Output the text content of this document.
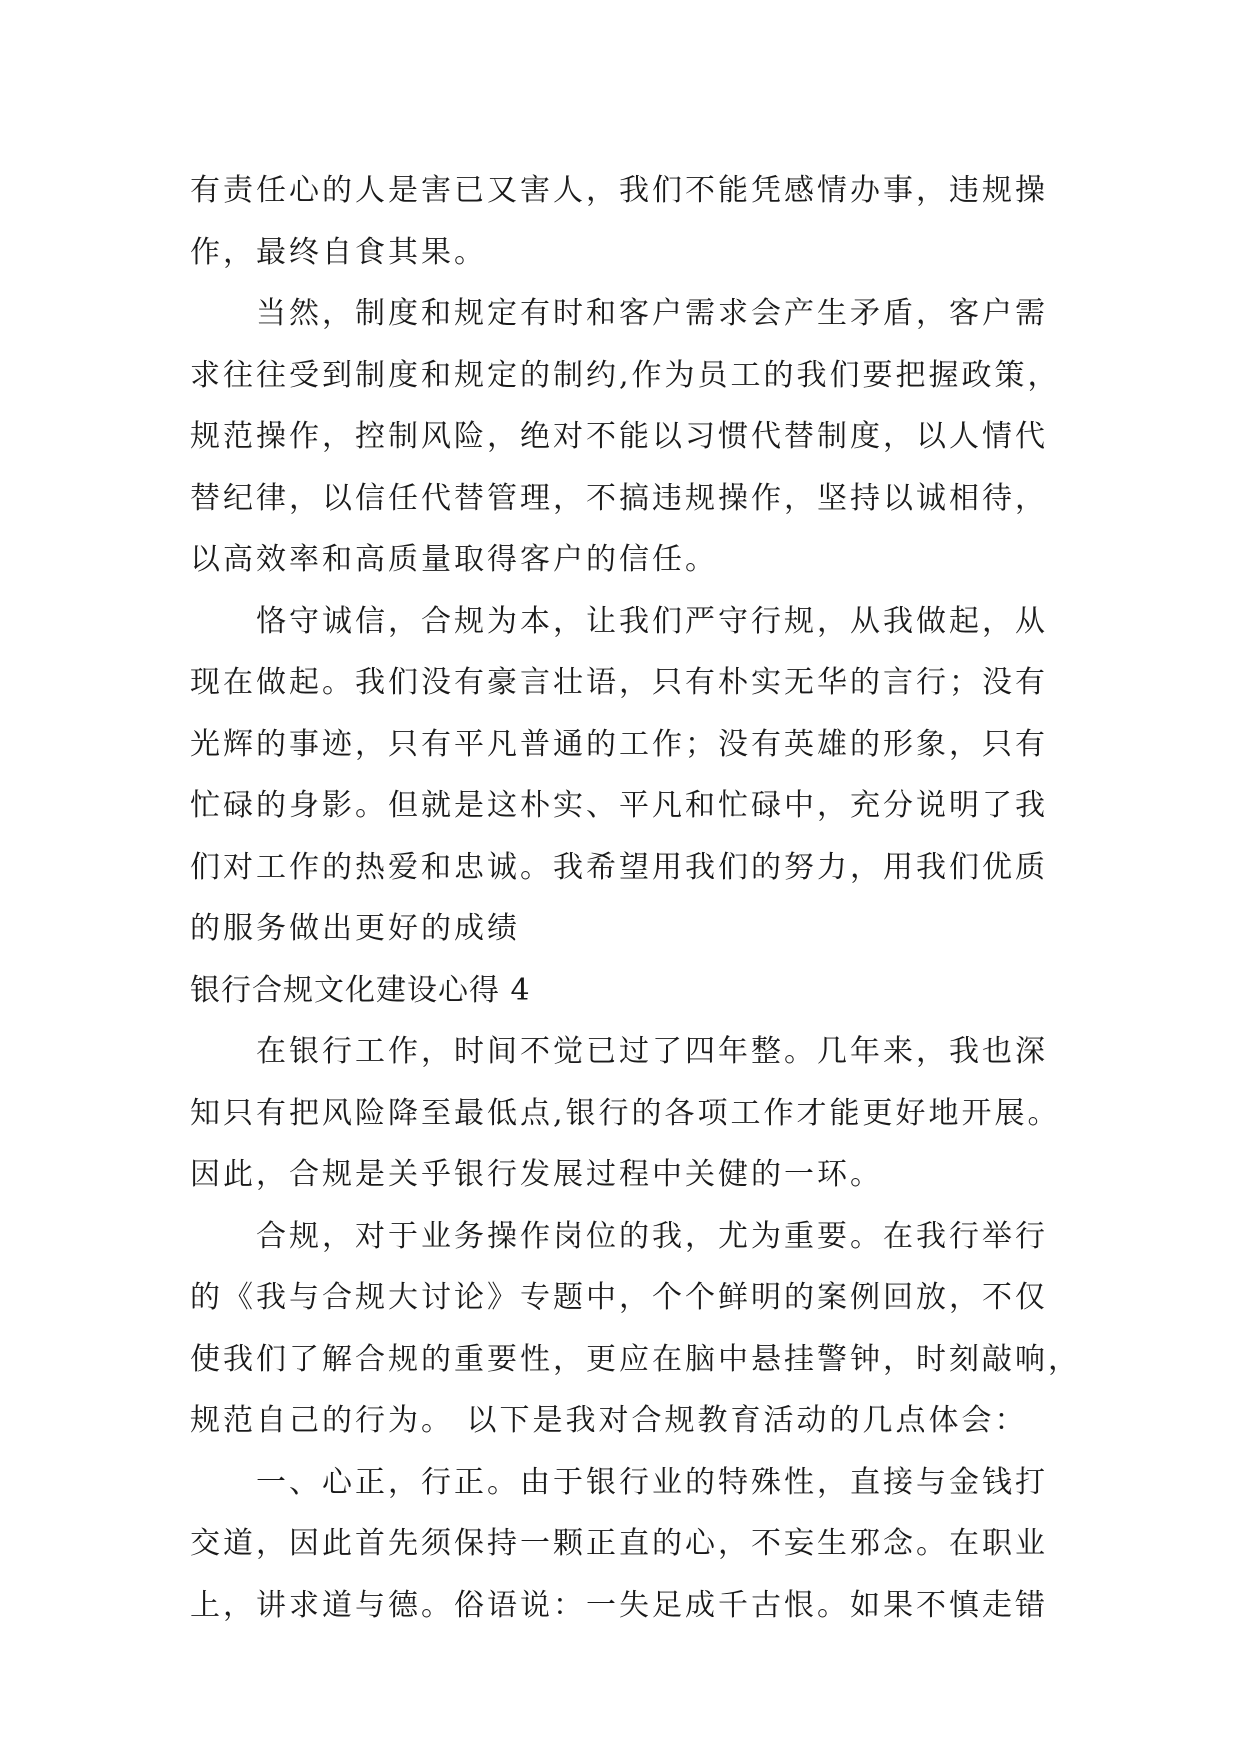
有责任心的人是害已又害人，我们不能凭感情办事，违规操
作，最终自食其果。
　　当然，制度和规定有时和客户需求会产生矛盾，客户需
求往往受到制度和规定的制约,作为员工的我们要把握政策，
规范操作，控制风险，绝对不能以习惯代替制度，以人情代
替纪律，以信任代替管理，不搞违规操作，坚持以诚相待，
以高效率和高质量取得客户的信任。
　　恪守诚信，合规为本，让我们严守行规，从我做起，从
现在做起。我们没有豪言壮语，只有朴实无华的言行；没有
光辉的事迹，只有平凡普通的工作；没有英雄的形象，只有
忙碌的身影。但就是这朴实、平凡和忙碌中，充分说明了我
们对工作的热爱和忠诚。我希望用我们的努力，用我们优质
的服务做出更好的成绩
银行合规文化建设心得 4
　　在银行工作，时间不觉已过了四年整。几年来，我也深
知只有把风险降至最低点,银行的各项工作才能更好地开展。
因此，合规是关乎银行发展过程中关健的一环。
　　合规，对于业务操作岗位的我，尤为重要。在我行举行
的《我与合规大讨论》专题中，个个鲜明的案例回放，不仅
使我们了解合规的重要性，更应在脑中悬挂警钟，时刻敲响，
规范自己的行为。 以下是我对合规教育活动的几点体会：
　　一、心正，行正。由于银行业的特殊性，直接与金钱打
交道，因此首先须保持一颗正直的心，不妄生邪念。在职业
上，讲求道与德。俗语说：一失足成千古恨。如果不慎走错
